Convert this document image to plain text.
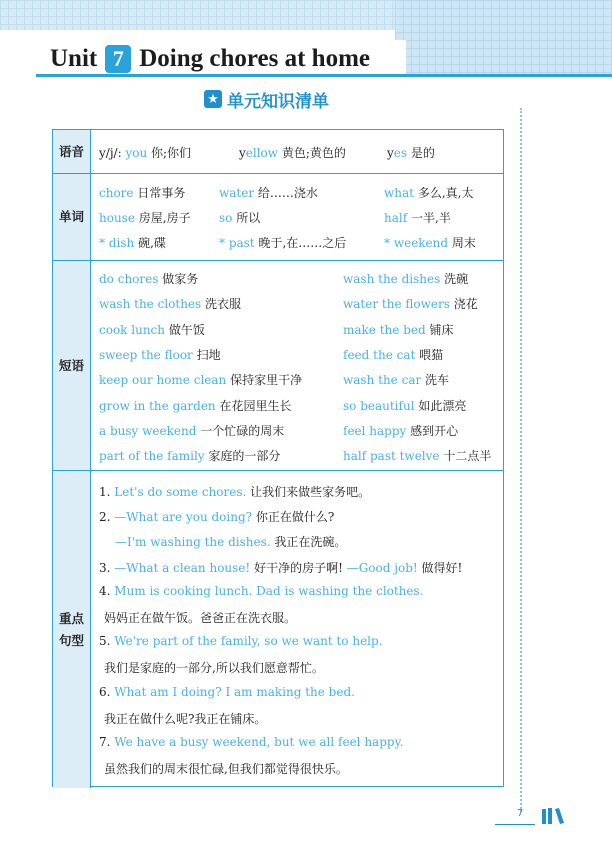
Unit 7 Doing chores at home
★ 单元知识清单
语音	y/j/: you 你;你们	yellow 黄色;黄色的	yes 是的
单词
chore 日常事务	water 给……浇水	what 多么,真,太
house 房屋,房子 so 所以	half 一半,半
* dish 碗,碟	* past 晚于,在……之后	* weekend 周末
短语
do chores 做家务	wash the dishes 洗碗
wash the clothes 洗衣服	water the flowers 浇花
cook lunch 做午饭	make the bed 铺床
sweep the floor 扫地	feed the cat 喂猫
keep our home clean 保持家里干净	wash the car 洗车
grow in the garden 在花园里生长	so beautiful 如此漂亮
a busy weekend 一个忙碌的周末	feel happy 感到开心
part of the family 家庭的一部分	half past twelve 十二点半
重点
句型
1. Let's do some chores. 让我们来做些家务吧。
2. —What are you doing? 你正在做什么?
—I'm washing the dishes. 我正在洗碗。
3. —What a clean house! 好干净的房子啊! —Good job! 做得好!
4. Mum is cooking lunch. Dad is washing the clothes.
妈妈正在做午饭。爸爸正在洗衣服。
5. We're part of the family, so we want to help.
我们是家庭的一部分,所以我们愿意帮忙。
6. What am I doing? I am making the bed.
我正在做什么呢?我正在铺床。
7. We have a busy weekend, but we all feel happy.
虽然我们的周末很忙碌,但我们都觉得很快乐。
7
